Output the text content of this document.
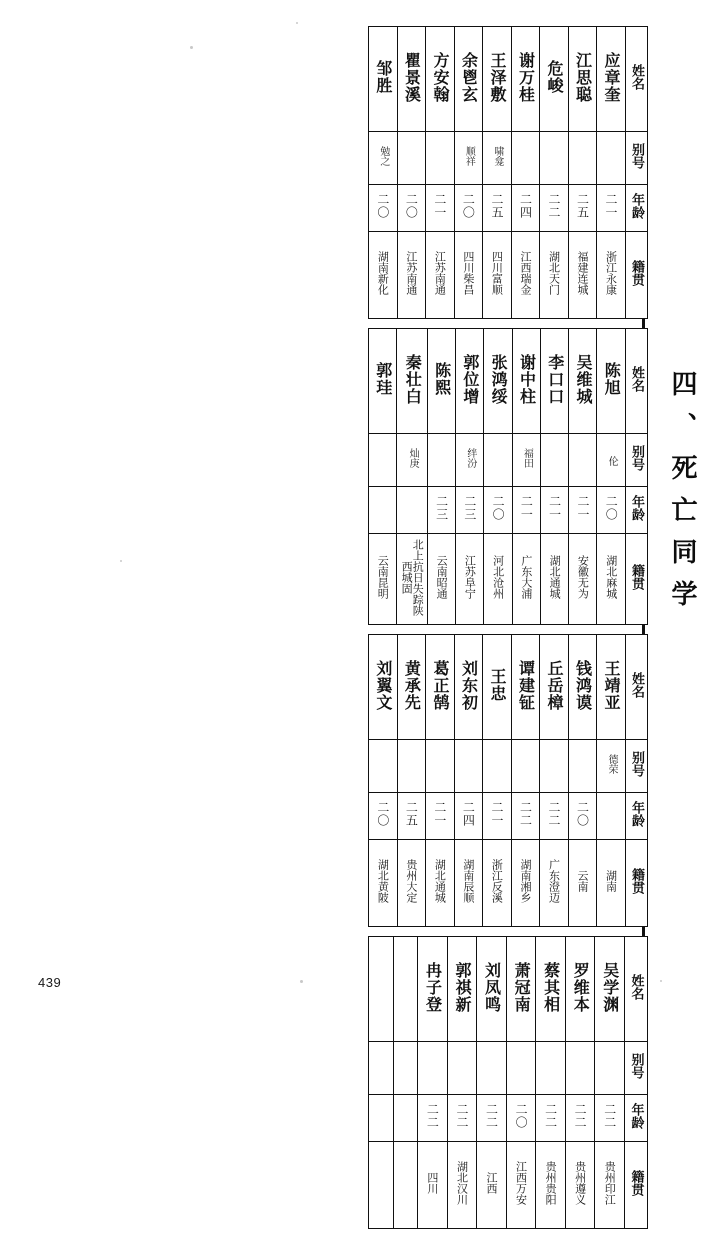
四、死亡同学
邹胜	瞿景溪	方安翰	余鬯玄	王泽敷	谢万桂	危峻	江思聪	应章奎	姓名
勉之			顺祥	啸龛					别号
二〇	二〇	二一	二〇	二五	二四	二二	二五	二一	年龄
湖南新化	江苏南通	江苏南通	四川柴昌	四川富顺	江西瑞金	湖北天门	福建连城	浙江永康	籍贯
郭珪	秦壮白	陈熙	郭位增	张鸿绥	谢中柱	李口口	吴维城	陈旭	姓名
	灿庚		绊汾		福田			伦	别号
		二三	二三	二〇	二一	二一	二一	二〇	年龄
云南昆明	北上抗日失踪陕西城固	云南昭通	江苏阜宁	河北沧州	广东大浦	湖北通城	安徽无为	湖北麻城	籍贯
刘翼文	黄承先	葛正鹄	刘东初	王忠	谭建钲	丘岳樟	钱鸿谟	王靖亚	姓名
								德荣	别号
二〇	二五	二一	二四	二一	二二	二二	二〇		年龄
湖北黄陂	贵州大定	湖北通城	湖南辰顺	浙江反溪	湖南湘乡	广东澄迈	云南	湖南	籍贯
		冉子登	郭祺新	刘凤鸣	萧冠南	蔡其相	罗维本	吴学渊	姓名
									别号
		二二	二二	二二	二〇	二二	二二	二二	年龄
		四川	湖北汉川	江西	江西万安	贵州贵阳	贵州遵义	贵州印江	籍贯
439
